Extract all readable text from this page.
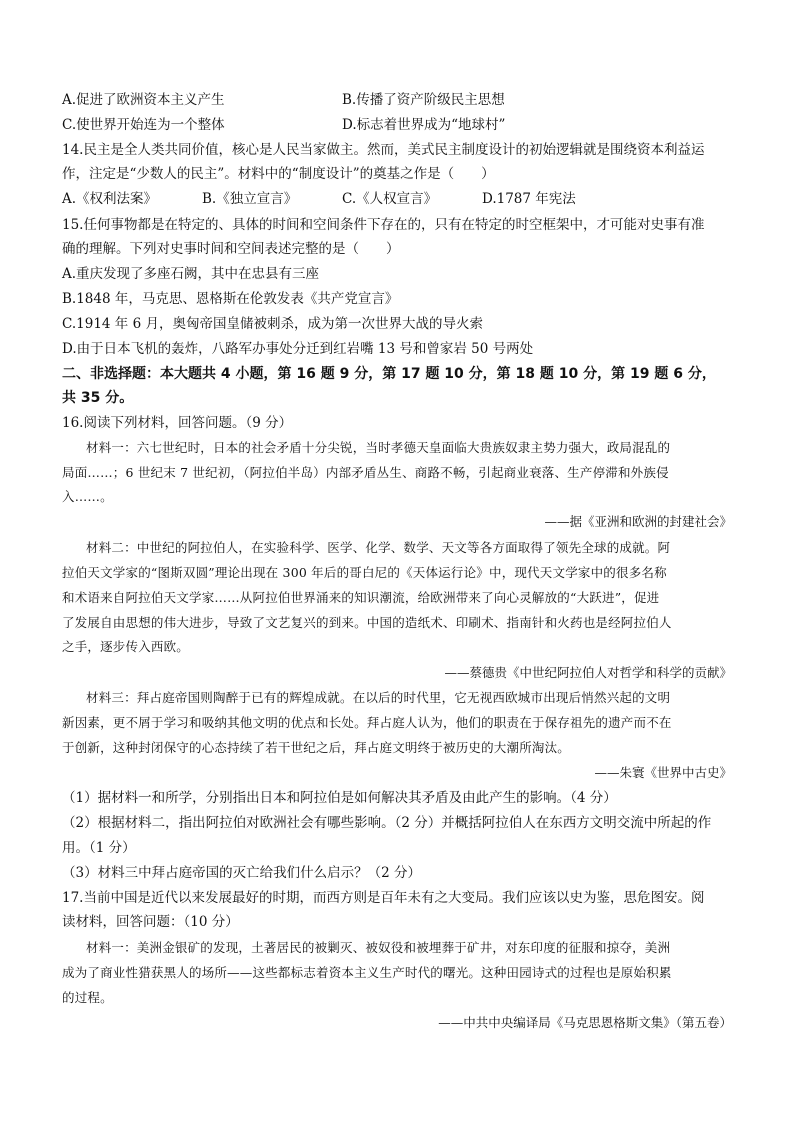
A.促进了欧洲资本主义产生	B.传播了资产阶级民主思想
C.使世界开始连为一个整体	D.标志着世界成为“地球村”
14.民主是全人类共同价值，核心是人民当家做主。然而，美式民主制度设计的初始逻辑就是围绕资本利益运
作，注定是“少数人的民主”。材料中的“制度设计”的奠基之作是（　　）
A.《权利法案》	B.《独立宣言》	C.《人权宣言》	D.1787 年宪法
15.任何事物都是在特定的、具体的时间和空间条件下存在的，只有在特定的时空框架中，才可能对史事有准
确的理解。下列对史事时间和空间表述完整的是（　　）
A.重庆发现了多座石阙，其中在忠县有三座
B.1848 年，马克思、恩格斯在伦敦发表《共产党宣言》
C.1914 年 6 月，奥匈帝国皇储被刺杀，成为第一次世界大战的导火索
D.由于日本飞机的轰炸，八路军办事处分迁到红岩嘴 13 号和曾家岩 50 号两处
二、非选择题：本大题共 4 小题，第 16 题 9 分，第 17 题 10 分，第 18 题 10 分，第 19 题 6 分，
共 35 分。
16.阅读下列材料，回答问题。（9 分）
材料一：六七世纪时，日本的社会矛盾十分尖锐，当时孝德天皇面临大贵族奴隶主势力强大，政局混乱的
局面……；6 世纪末 7 世纪初，（阿拉伯半岛）内部矛盾丛生、商路不畅，引起商业衰落、生产停滞和外族侵
入……。
——据《亚洲和欧洲的封建社会》
材料二：中世纪的阿拉伯人，在实验科学、医学、化学、数学、天文等各方面取得了领先全球的成就。阿
拉伯天文学家的“图斯双圆”理论出现在 300 年后的哥白尼的《天体运行论》中，现代天文学家中的很多名称
和术语来自阿拉伯天文学家……从阿拉伯世界涌来的知识潮流，给欧洲带来了向心灵解放的“大跃进”，促进
了发展自由思想的伟大进步，导致了文艺复兴的到来。中国的造纸术、印刷术、指南针和火药也是经阿拉伯人
之手，逐步传入西欧。
——蔡德贵《中世纪阿拉伯人对哲学和科学的贡献》
材料三：拜占庭帝国则陶醉于已有的辉煌成就。在以后的时代里，它无视西欧城市出现后悄然兴起的文明
新因素，更不屑于学习和吸纳其他文明的优点和长处。拜占庭人认为，他们的职责在于保存祖先的遗产而不在
于创新，这种封闭保守的心态持续了若干世纪之后，拜占庭文明终于被历史的大潮所淘汰。
——朱寰《世界中古史》
（1）据材料一和所学，分别指出日本和阿拉伯是如何解决其矛盾及由此产生的影响。（4 分）
（2）根据材料二，指出阿拉伯对欧洲社会有哪些影响。（2 分）并概括阿拉伯人在东西方文明交流中所起的作
用。（1 分）
（3）材料三中拜占庭帝国的灭亡给我们什么启示？（2 分）
17.当前中国是近代以来发展最好的时期，而西方则是百年未有之大变局。我们应该以史为鉴，思危图安。阅
读材料，回答问题：（10 分）
材料一：美洲金银矿的发现，土著居民的被剿灭、被奴役和被埋葬于矿井，对东印度的征服和掠夺，美洲
成为了商业性猎获黑人的场所——这些都标志着资本主义生产时代的曙光。这种田园诗式的过程也是原始积累
的过程。
——中共中央编译局《马克思恩格斯文集》（第五卷）
